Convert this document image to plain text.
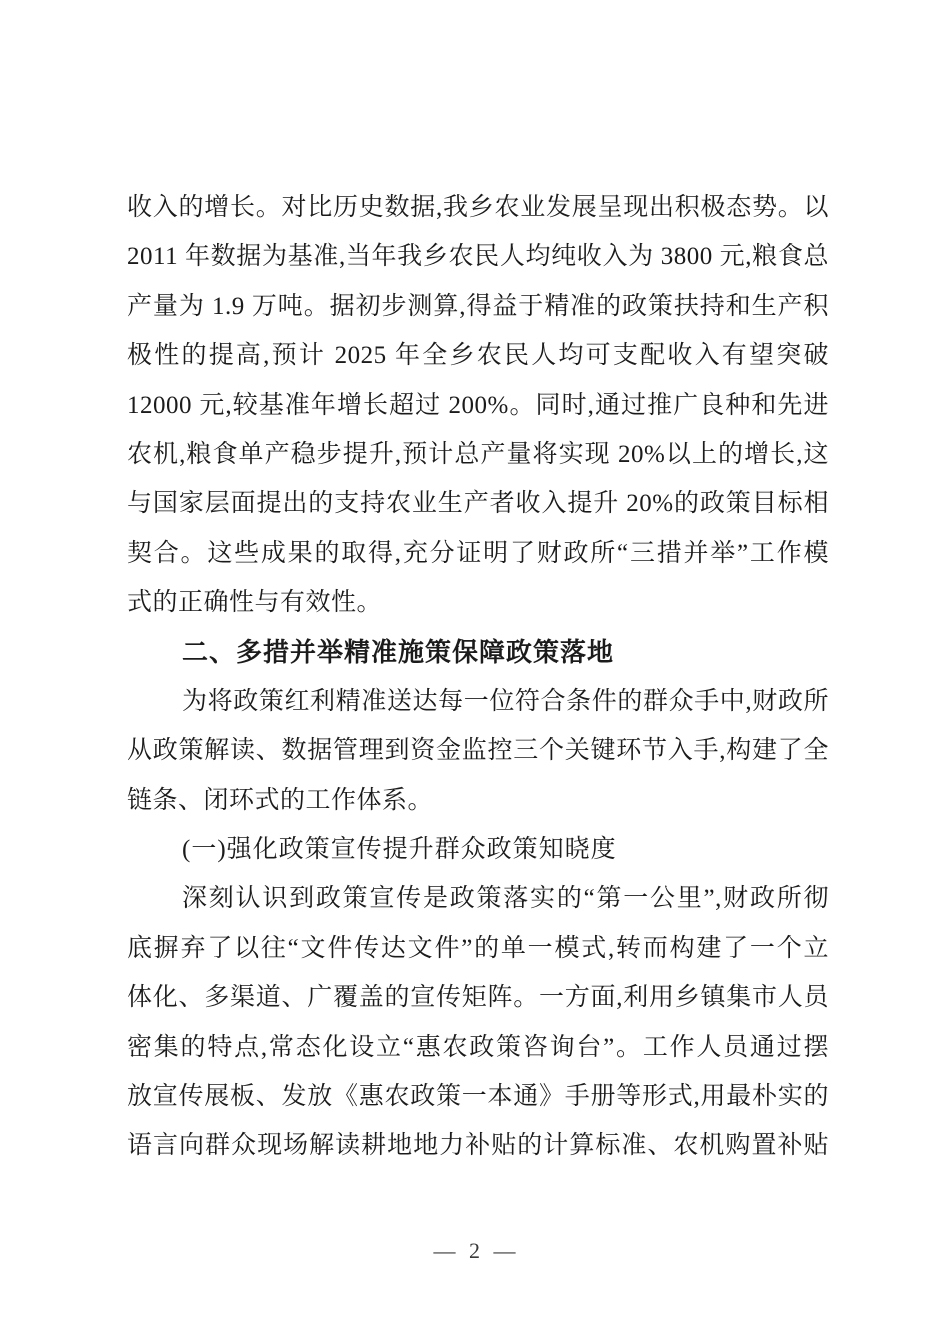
收入的增长。对比历史数据,我乡农业发展呈现出积极态势。以
2011 年数据为基准,当年我乡农民人均纯收入为 3800 元,粮食总
产量为 1.9 万吨。据初步测算,得益于精准的政策扶持和生产积
极性的提高,预计 2025 年全乡农民人均可支配收入有望突破
12000 元,较基准年增长超过 200%。同时,通过推广良种和先进
农机,粮食单产稳步提升,预计总产量将实现 20%以上的增长,这
与国家层面提出的支持农业生产者收入提升 20%的政策目标相
契合。这些成果的取得,充分证明了财政所“三措并举”工作模
式的正确性与有效性。
二、多措并举精准施策保障政策落地
为将政策红利精准送达每一位符合条件的群众手中,财政所
从政策解读、数据管理到资金监控三个关键环节入手,构建了全
链条、闭环式的工作体系。
(一)强化政策宣传提升群众政策知晓度
深刻认识到政策宣传是政策落实的“第一公里”,财政所彻
底摒弃了以往“文件传达文件”的单一模式,转而构建了一个立
体化、多渠道、广覆盖的宣传矩阵。一方面,利用乡镇集市人员
密集的特点,常态化设立“惠农政策咨询台”。工作人员通过摆
放宣传展板、发放《惠农政策一本通》手册等形式,用最朴实的
语言向群众现场解读耕地地力补贴的计算标准、农机购置补贴
— 2 —
